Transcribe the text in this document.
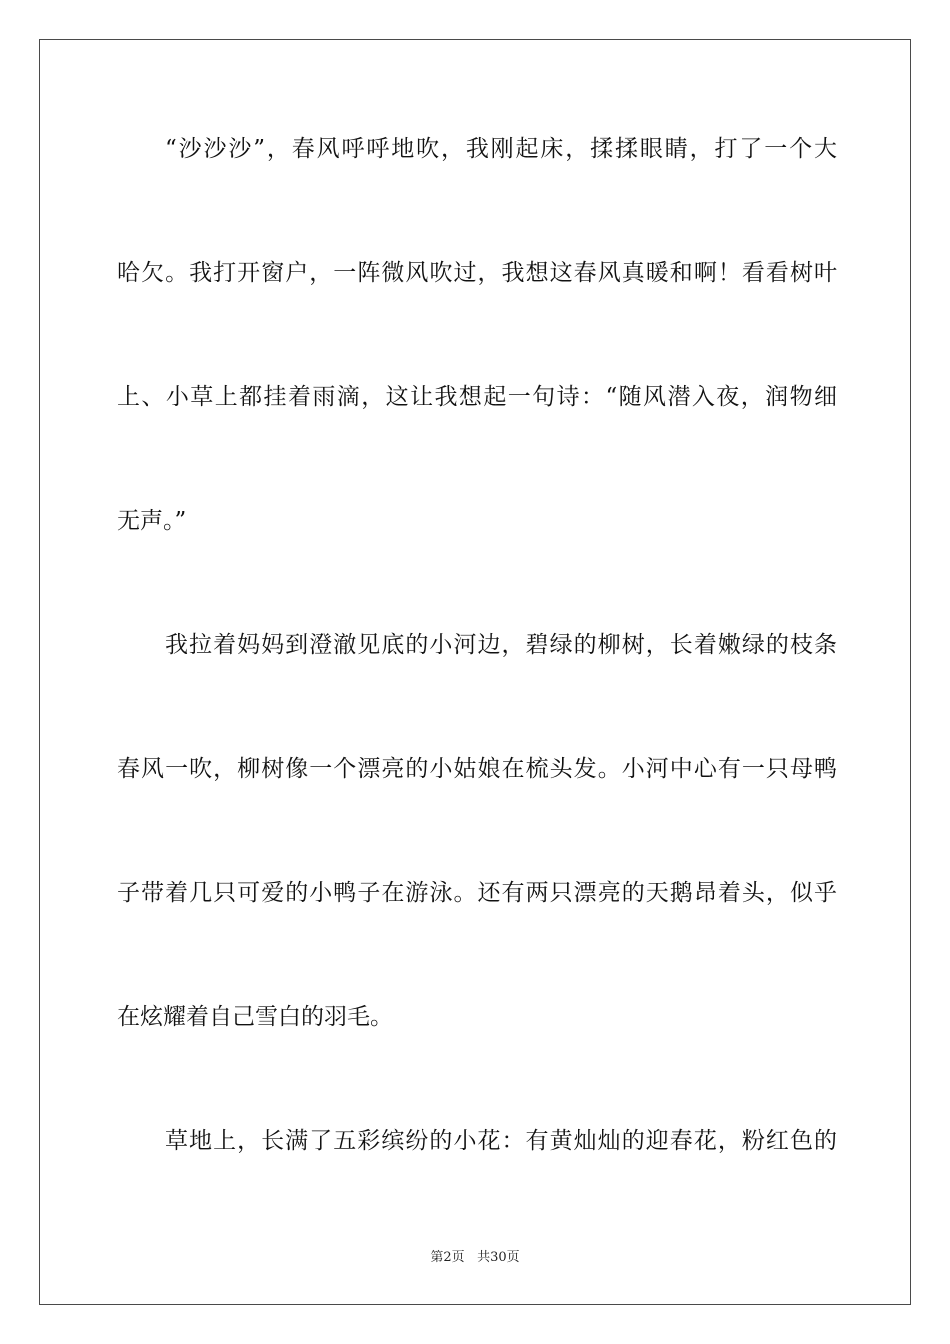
“沙沙沙”，春风呼呼地吹，我刚起床，揉揉眼睛，打了一个大
哈欠。我打开窗户，一阵微风吹过，我想这春风真暖和啊！看看树叶
上、小草上都挂着雨滴，这让我想起一句诗：“随风潜入夜，润物细
无声。”
我拉着妈妈到澄澈见底的小河边，碧绿的柳树，长着嫩绿的枝条
春风一吹，柳树像一个漂亮的小姑娘在梳头发。小河中心有一只母鸭
子带着几只可爱的小鸭子在游泳。还有两只漂亮的天鹅昂着头，似乎
在炫耀着自己雪白的羽毛。
草地上，长满了五彩缤纷的小花：有黄灿灿的迎春花，粉红色的
第2页 共30页
